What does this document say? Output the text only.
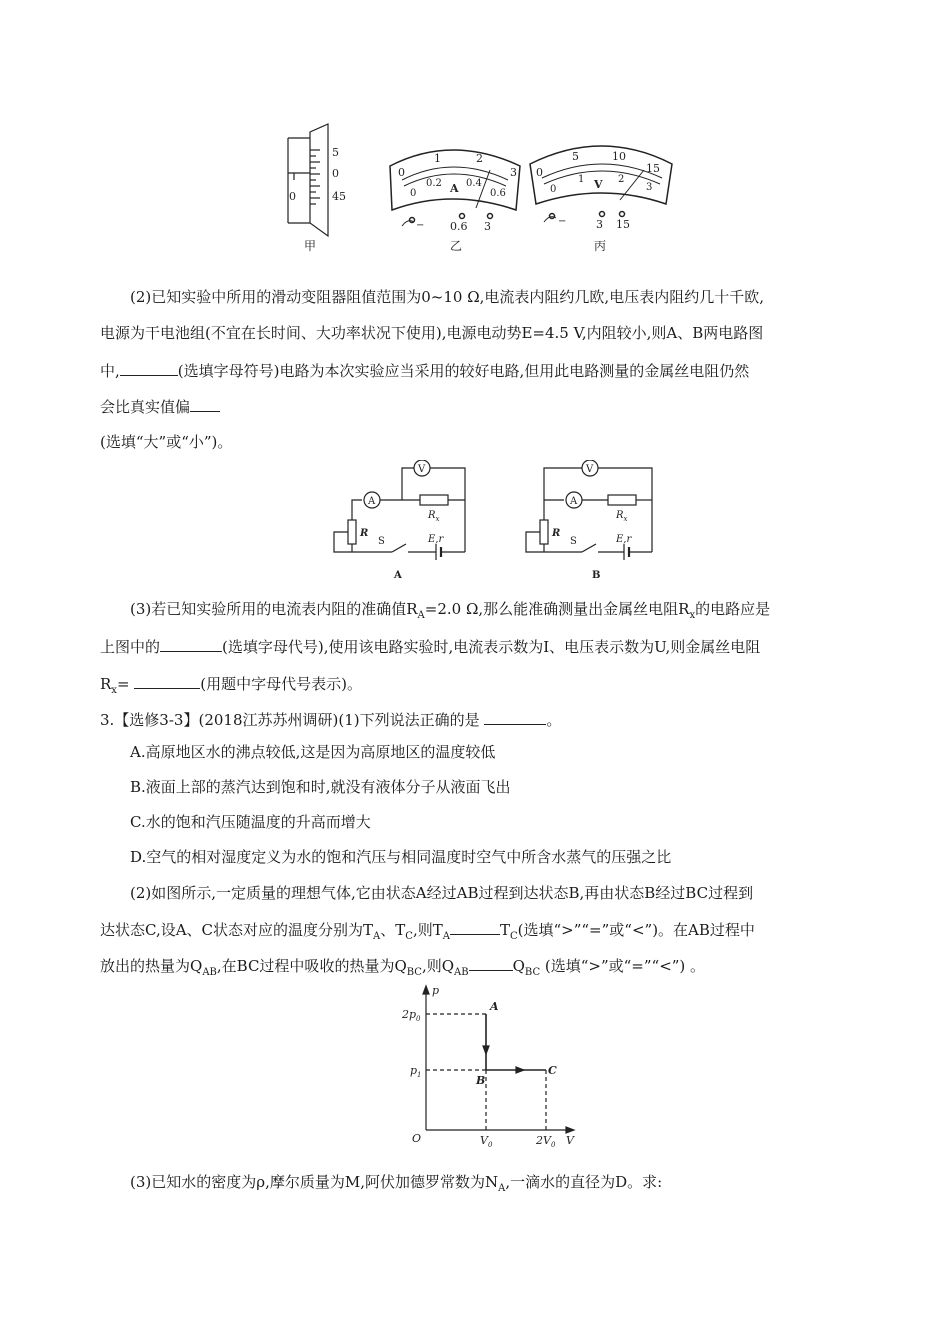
5
0
45
0
0
1	2
3
0
0.2 0.4
0.6
A
− 0.6 3
0
5	10
15
0
1	2
3
V
−	3 15
甲	乙	丙
(2)已知实验中所用的滑动变阻器阻值范围为0~10 Ω,电流表内阻约几欧,电压表内阻约几十千欧,
电源为干电池组(不宜在长时间、大功率状况下使用),电源电动势E=4.5 V,内阻较小,则A、B两电路图
中,	(选填字母符号)电路为本次实验应当采用的较好电路,但用此电路测量的金属丝电阻仍然
会比真实值偏
(选填“大”或“小”)。
V
A
$R_x$
R
S	E,r
A
V
A
$R_x$
R
S	E,r
B
(3)若已知实验所用的电流表内阻的准确值$R_A=2.0$ Ω,那么能准确测量出金属丝电阻$R_x$的电路应是
上图中的	(选填字母代号),使用该电路实验时,电流表示数为I、电压表示数为U,则金属丝电阻
$R_x=$	(用题中字母代号表示)。
3.【选修3-3】(2018江苏苏州调研)(1)下列说法正确的是	。
A.高原地区水的沸点较低,这是因为高原地区的温度较低
B.液面上部的蒸汽达到饱和时,就没有液体分子从液面飞出
C.水的饱和汽压随温度的升高而增大
D.空气的相对湿度定义为水的饱和汽压与相同温度时空气中所含水蒸气的压强之比
(2)如图所示,一定质量的理想气体,它由状态A经过AB过程到达状态B,再由状态B经过BC过程到
达状态C,设A、C状态对应的温度分别为$T_A$、$T_C$,则$T_A$	$T_C$(选填“>”“=”或“<”)。在AB过程中
放出的热量为$Q_{AB}$,在BC过程中吸收的热量为$Q_{BC}$,则$Q_{AB}$	$Q_{BC}$ (选填“>”或“=”“<”) 。
p
V
O
$2p_0$
$p_1$
$V_0$	$2V_0$
A
B
C
(3)已知水的密度为ρ,摩尔质量为M,阿伏加德罗常数为$N_A$,一滴水的直径为D。求:
